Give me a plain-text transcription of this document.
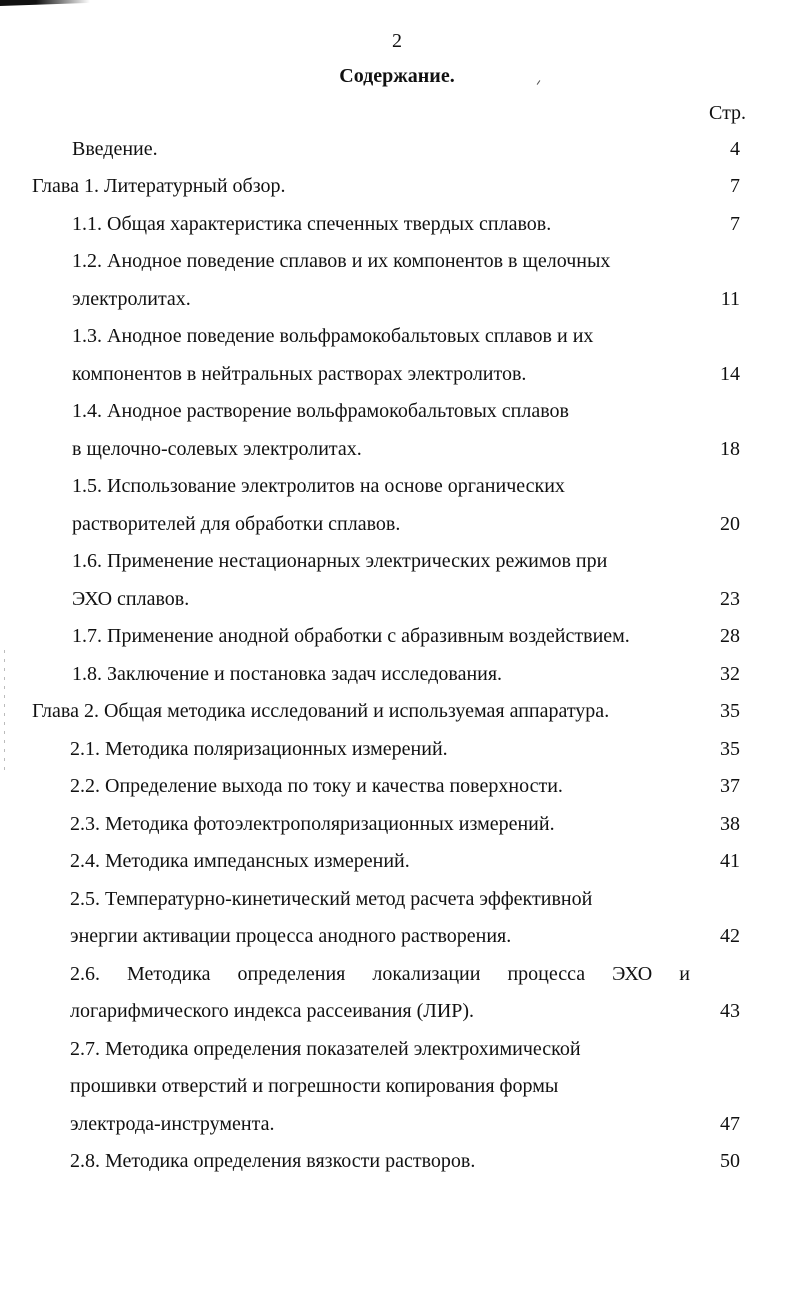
2
Содержание.
Стр.
Введение.	4
Глава 1. Литературный обзор.	7
1.1. Общая характеристика спеченных твердых сплавов.	7
1.2. Анодное поведение сплавов и их компонентов в щелочных
электролитах.	11
1.3. Анодное поведение вольфрамокобальтовых сплавов и их
компонентов в нейтральных растворах электролитов.	14
1.4. Анодное растворение вольфрамокобальтовых сплавов
в щелочно-солевых электролитах.	18
1.5. Использование электролитов на основе органических
растворителей для обработки сплавов.	20
1.6. Применение нестационарных электрических режимов при
ЭХО сплавов.	23
1.7. Применение анодной обработки с абразивным воздействием.	28
1.8. Заключение и постановка задач исследования.	32
Глава 2. Общая методика исследований и используемая аппаратура.	35
2.1. Методика поляризационных измерений.	35
2.2. Определение выхода по току и качества поверхности.	37
2.3. Методика фотоэлектрополяризационных измерений.	38
2.4. Методика импедансных измерений.	41
2.5. Температурно-кинетический метод расчета эффективной
энергии активации процесса анодного растворения.	42
2.6. Методика определения локализации процесса ЭХО и
логарифмического индекса рассеивания (ЛИР).	43
2.7. Методика определения показателей электрохимической
прошивки отверстий и погрешности копирования формы
электрода-инструмента.	47
2.8. Методика определения вязкости растворов.	50
